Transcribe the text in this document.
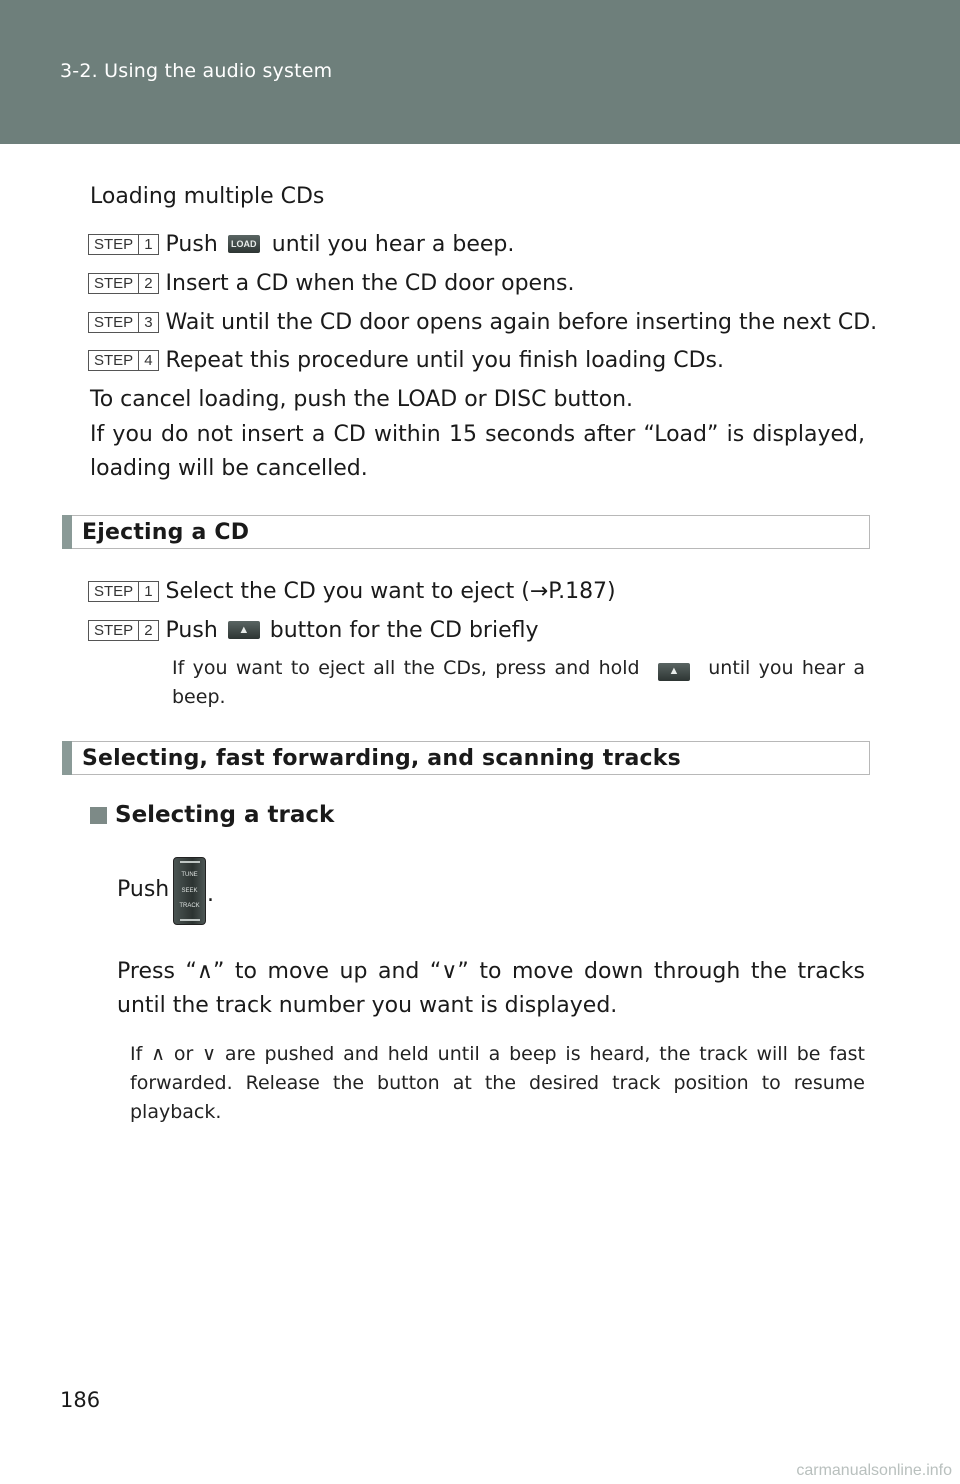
3-2. Using the audio system
Loading multiple CDs
STEP 1 Push	LOAD until you hear a beep.
STEP 2 Insert a CD when the CD door opens.
STEP 3 Wait until the CD door opens again before inserting the next CD.
STEP 4 Repeat this procedure until you finish loading CDs.
To cancel loading, push the LOAD or DISC button.
If you do not insert a CD within 15 seconds after “Load” is displayed, loading will be cancelled.
Ejecting a CD
STEP 1 Select the CD you want to eject (→P.187)
STEP 2 Push	▲ button for the CD briefly
If you want to eject all the CDs, press and hold	▲ until you hear a beep.
Selecting, fast forwarding, and scanning tracks
Selecting a track
Push
TUNE
SEEK
TRACK .
Press “∧” to move up and “∨” to move down through the tracks until the track number you want is displayed.
If ∧ or ∨ are pushed and held until a beep is heard, the track will be fast forwarded. Release the button at the desired track position to resume playback.
186
carmanualsonline.info
